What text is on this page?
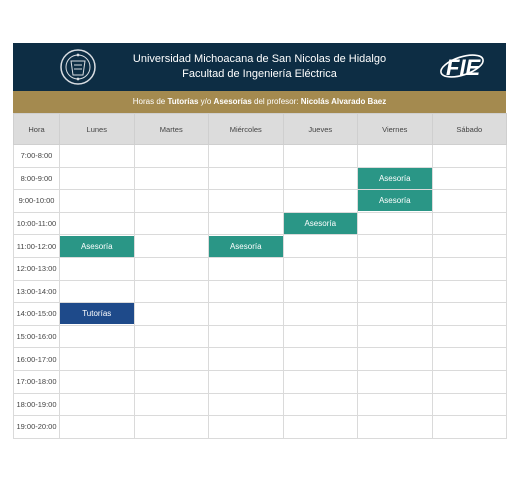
Universidad Michoacana de San Nicolas de Hidalgo
Facultad de Ingeniería Eléctrica	FIE
Horas de Tutorías y/o Asesorías del profesor: Nicolás Alvarado Baez
Hora	Lunes	Martes	Miércoles	Jueves	Viernes	Sábado
7:00-8:00						
8:00-9:00					Asesoría	

9:00-10:00					Asesoría	

10:00-11:00				Asesoría		

11:00-12:00	Asesoría		Asesoría			

12:00-13:00						
13:00-14:00						
14:00-15:00	Tutorías					

15:00-16:00						
16:00-17:00						
17:00-18:00						
18:00-19:00						
19:00-20:00						
